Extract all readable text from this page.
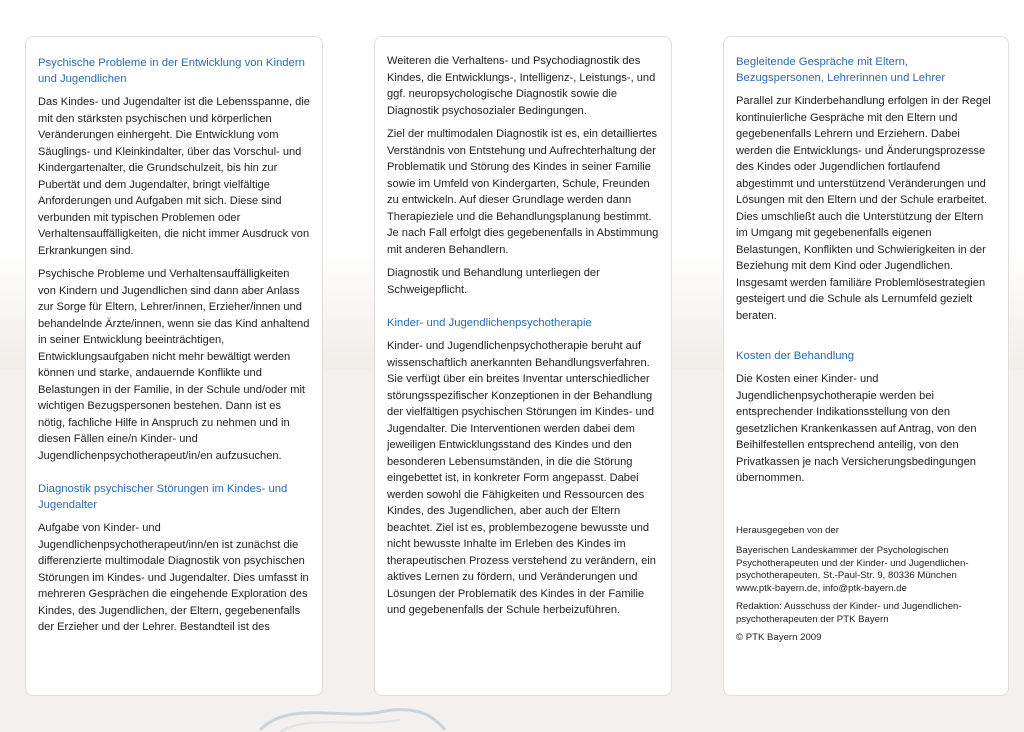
Psychische Probleme in der Entwicklung von Kindern und Jugendlichen

Das Kindes- und Jugendalter ist die Lebensspanne, die mit den stärksten psychischen und körperlichen Veränderungen einhergeht. Die Entwicklung vom Säuglings- und Kleinkindalter, über das Vorschul- und Kindergartenalter, die Grundschulzeit, bis hin zur Pubertät und dem Jugendalter, bringt vielfältige Anforderungen und Aufgaben mit sich. Diese sind verbunden mit typischen Problemen oder Verhaltensauffälligkeiten, die nicht immer Ausdruck von Erkrankungen sind.

Psychische Probleme und Verhaltensauffälligkeiten von Kindern und Jugendlichen sind dann aber Anlass zur Sorge für Eltern, Lehrer/innen, Erzieher/innen und behandelnde Ärzte/innen, wenn sie das Kind anhaltend in seiner Entwicklung beeinträchtigen, Entwicklungsaufgaben nicht mehr bewältigt werden können und starke, andauernde Konflikte und Belastungen in der Familie, in der Schule und/oder mit wichtigen Bezugspersonen bestehen. Dann ist es nötig, fachliche Hilfe in Anspruch zu nehmen und in diesen Fällen eine/n Kinder- und Jugendlichenpsychotherapeut/in/en aufzusuchen.

Diagnostik psychischer Störungen im Kindes- und Jugendalter

Aufgabe von Kinder- und Jugendlichenpsychotherapeut/inn/en ist zunächst die differenzierte multimodale Diagnostik von psychischen Störungen im Kindes- und Jugendalter. Dies umfasst in mehreren Gesprächen die eingehende Exploration des Kindes, des Jugendlichen, der Eltern, gegebenenfalls der Erzieher und der Lehrer. Bestandteil ist des

Weiteren die Verhaltens- und Psychodiagnostik des Kindes, die Entwicklungs-, Intelligenz-, Leistungs-, und ggf. neuropsychologische Diagnostik sowie die Diagnostik psychosozialer Bedingungen.

Ziel der multimodalen Diagnostik ist es, ein detailliertes Verständnis von Entstehung und Aufrechterhaltung der Problematik und Störung des Kindes in seiner Familie sowie im Umfeld von Kindergarten, Schule, Freunden zu entwickeln. Auf dieser Grundlage werden dann Therapieziele und die Behandlungsplanung bestimmt. Je nach Fall erfolgt dies gegebenenfalls in Abstimmung mit anderen Behandlern.

Diagnostik und Behandlung unterliegen der Schweigepflicht.

Kinder- und Jugendlichenpsychotherapie

Kinder- und Jugendlichenpsychotherapie beruht auf wissenschaftlich anerkannten Behandlungsverfahren. Sie verfügt über ein breites Inventar unterschiedlicher störungsspezifischer Konzeptionen in der Behandlung der vielfältigen psychischen Störungen im Kindes- und Jugendalter. Die Interventionen werden dabei dem jeweiligen Entwicklungsstand des Kindes und den besonderen Lebensumständen, in die die Störung eingebettet ist, in konkreter Form angepasst. Dabei werden sowohl die Fähigkeiten und Ressourcen des Kindes, des Jugendlichen, aber auch der Eltern beachtet. Ziel ist es, problembezogene bewusste und nicht bewusste Inhalte im Erleben des Kindes im therapeutischen Prozess verstehend zu verändern, ein aktives Lernen zu fördern, und Veränderungen und Lösungen der Problematik des Kindes in der Familie und gegebenenfalls der Schule herbeizuführen.

Begleitende Gespräche mit Eltern, Bezugspersonen, Lehrerinnen und Lehrer

Parallel zur Kinderbehandlung erfolgen in der Regel kontinuierliche Gespräche mit den Eltern und gegebenenfalls Lehrern und Erziehern. Dabei werden die Entwicklungs- und Änderungsprozesse des Kindes oder Jugendlichen fortlaufend abgestimmt und unterstützend Veränderungen und Lösungen mit den Eltern und der Schule erarbeitet. Dies umschließt auch die Unterstützung der Eltern im Umgang mit gegebenenfalls eigenen Belastungen, Konflikten und Schwierigkeiten in der Beziehung mit dem Kind oder Jugendlichen. Insgesamt werden familiäre Problemlösestrategien gesteigert und die Schule als Lernumfeld gezielt beraten.

Kosten der Behandlung

Die Kosten einer Kinder- und Jugendlichenpsychotherapie werden bei entsprechender Indikationsstellung von den gesetzlichen Krankenkassen auf Antrag, von den Beihilfestellen entsprechend anteilig, von den Privatkassen je nach Versicherungsbedingungen übernommen.

Herausgegeben von der

Bayerischen Landeskammer der Psychologischen

Psychotherapeuten und der Kinder- und Jugendlichen-

psychotherapeuten, St.-Paul-Str. 9, 80336 München

www.ptk-bayern.de, info@ptk-bayern.de

Redaktion: Ausschuss der Kinder- und Jugendlichen-

psychotherapeuten der PTK Bayern

© PTK Bayern 2009
